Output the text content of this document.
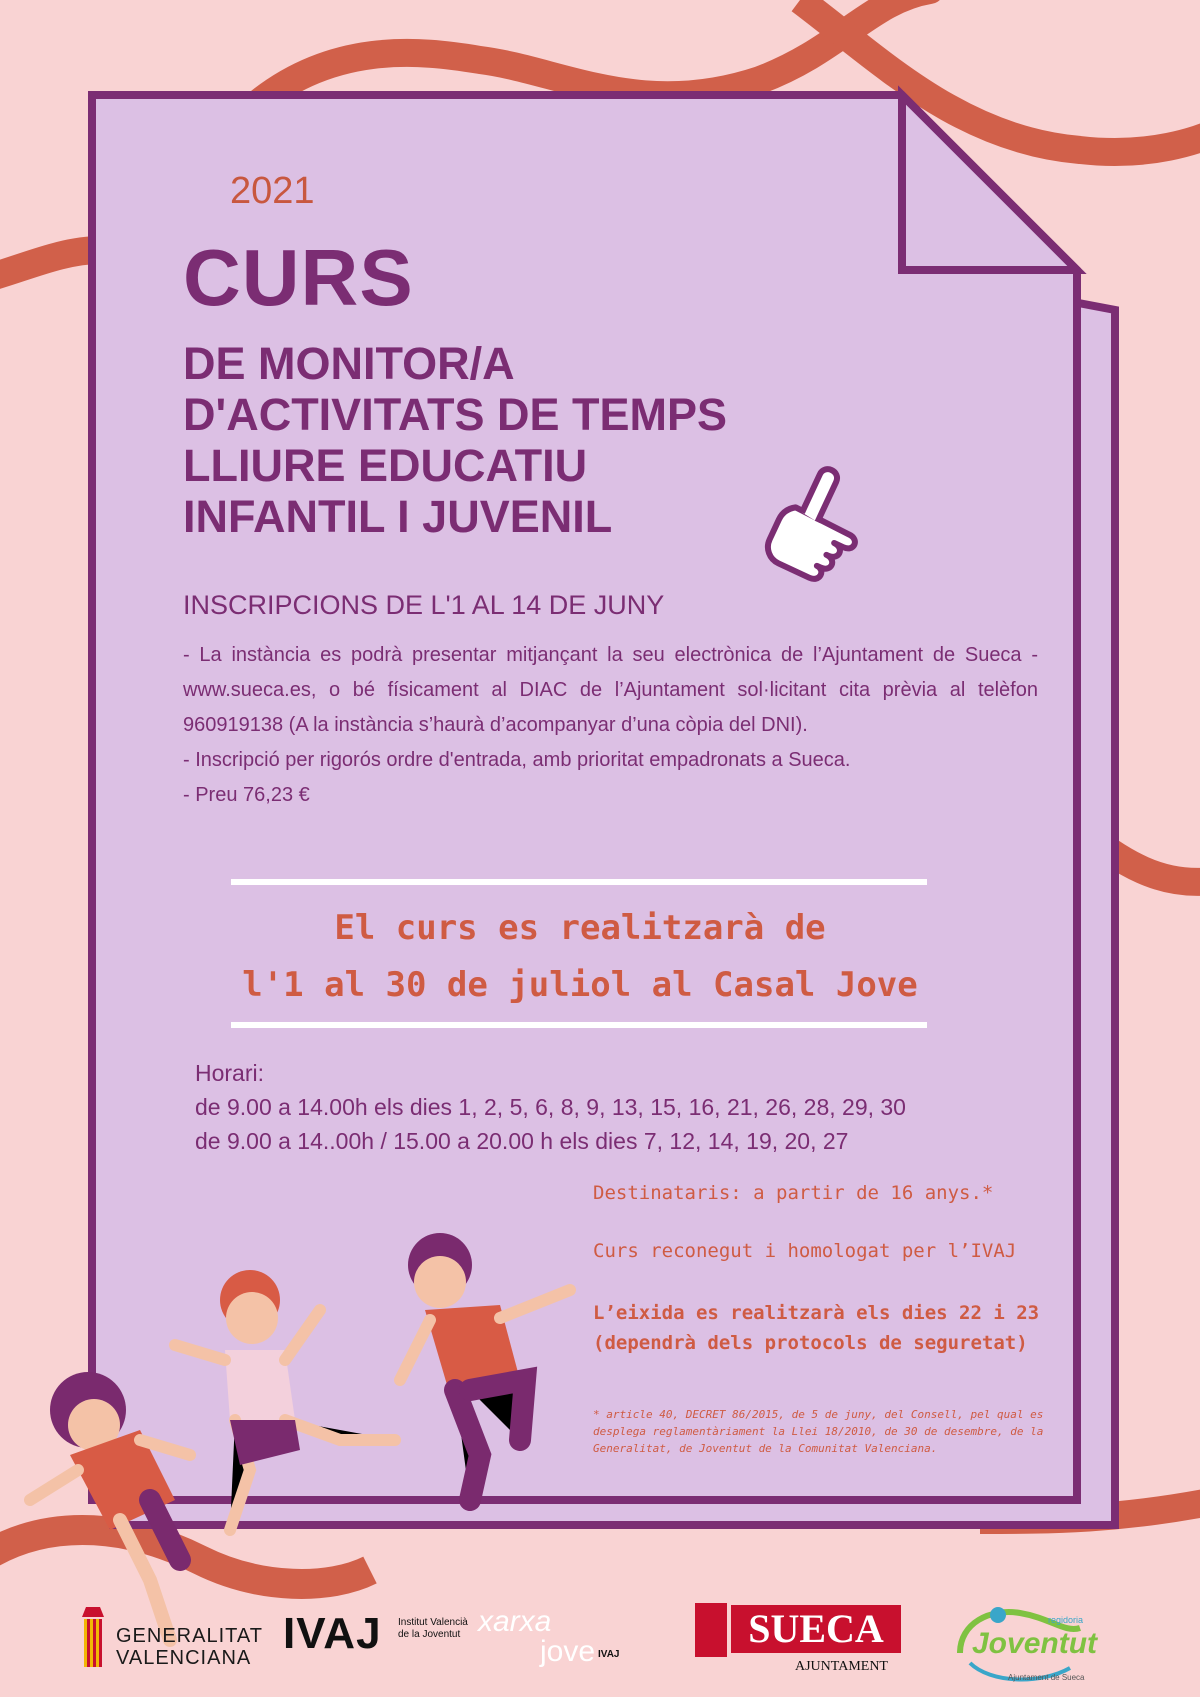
2021
CURS
DE MONITOR/A
D'ACTIVITATS DE TEMPS
LLIURE EDUCATIU
INFANTIL I JUVENIL
INSCRIPCIONS DE L'1 AL 14 DE JUNY

- La instància es podrà presentar mitjançant la seu electrònica de l’Ajuntament de Sueca - www.sueca.es, o bé físicament al DIAC de l’Ajuntament sol·licitant cita prèvia al telèfon 960919138 (A la instància s’haurà d’acompanyar d’una còpia del DNI).

- Inscripció per rigorós ordre d'entrada, amb prioritat empadronats a Sueca.

- Preu 76,23 €

El curs es realitzarà de
l'1 al 30 de juliol al Casal Jove
Horari:
de 9.00 a 14.00h els dies 1, 2, 5, 6, 8, 9, 13, 15, 16, 21, 26, 28, 29, 30
de 9.00 a 14..00h / 15.00 a 20.00 h els dies 7, 12, 14, 19, 20, 27
Destinataris: a partir de 16 anys.*
Curs reconegut i homologat per l’IVAJ
L’eixida es realitzarà els dies 22 i 23 (dependrà dels protocols de seguretat)
* article 40, DECRET 86/2015, de 5 de juny, del Consell, pel qual es desplega reglamentàriament la Llei 18/2010, de 30 de desembre, de la Generalitat, de Joventut de la Comunitat Valenciana.
GENERALITAT
VALENCIANA IVAJ Institut Valencià
de la Joventut xarxa
jove IVAJ
SUECA
AJUNTAMENT
regidoria
Joventut
Ajuntament de Sueca
